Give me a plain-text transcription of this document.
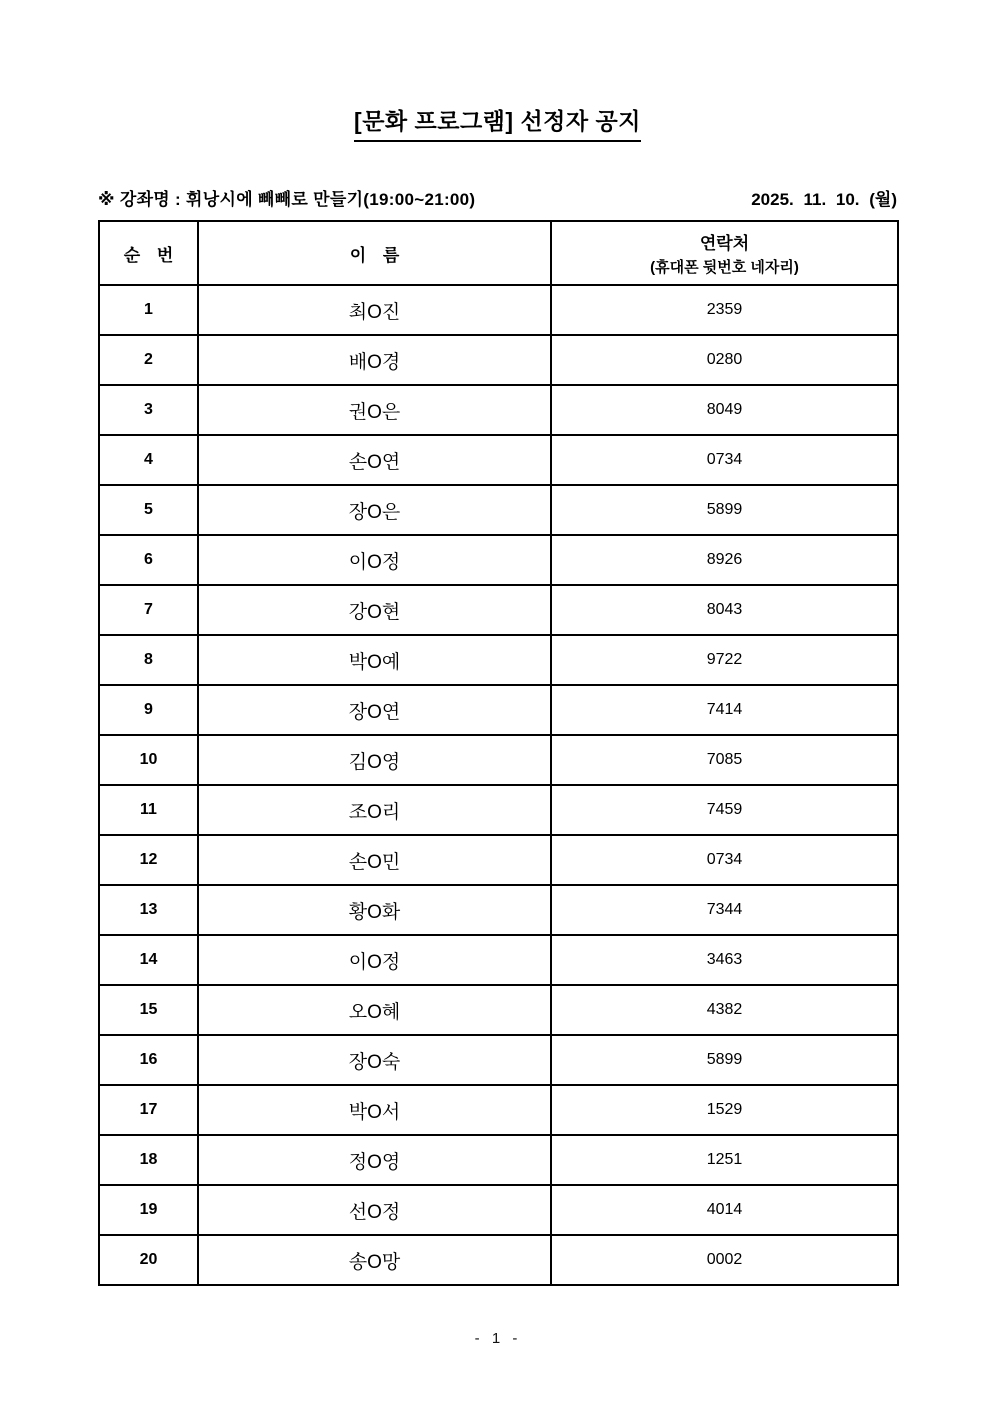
[문화 프로그램] 선정자 공지
※ 강좌명 : 휘낭시에 빼빼로 만들기(19:00~21:00)	2025. 11. 10. (월)
순 번	이 름	연락처
(휴대폰 뒷번호 네자리)

1	최O진	2359
2	배O경	0280
3	권O은	8049
4	손O연	0734
5	장O은	5899
6	이O정	8926
7	강O현	8043
8	박O예	9722
9	장O연	7414
10	김O영	7085
11	조O리	7459
12	손O민	0734
13	황O화	7344
14	이O정	3463
15	오O혜	4382
16	장O숙	5899
17	박O서	1529
18	정O영	1251
19	선O정	4014
20	송O망	0002
- 1 -
